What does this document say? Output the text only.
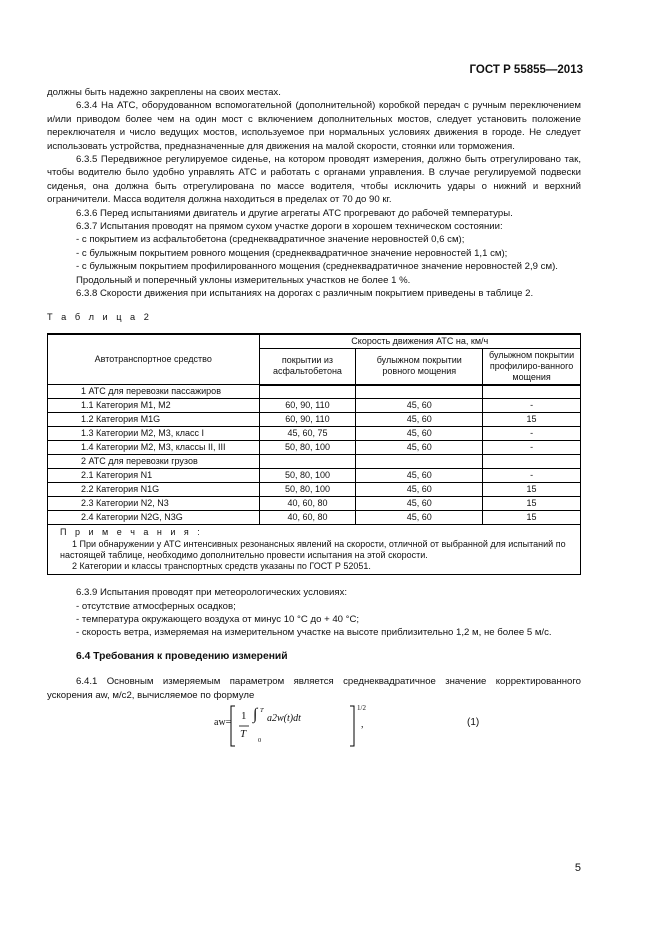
ГОСТ Р 55855—2013

должны быть надежно закреплены на своих местах.

6.3.4 На АТС, оборудованном вспомогательной (дополнительной) коробкой передач с ручным переключением и/или приводом более чем на один мост с включением дополнительных мостов, следует установить положение переключателя и число ведущих мостов, используемое при нормальных условиях движения в городе. Не следует использовать устройства, предназначенные для движения на малой скорости, стоянки или торможения.

6.3.5 Передвижное регулируемое сиденье, на котором проводят измерения, должно быть отрегулировано так, чтобы водителю было удобно управлять АТС и работать с органами управления. В случае регулируемой подвески сиденья, она должна быть отрегулирована по массе водителя, чтобы исключить удары о нижний и верхний ограничители. Масса водителя должна находиться в пределах от 70 до 90 кг.

6.3.6 Перед испытаниями двигатель и другие агрегаты АТС прогревают до рабочей температуры.

6.3.7 Испытания проводят на прямом сухом участке дороги в хорошем техническом состоянии:

- с покрытием из асфальтобетона (среднеквадратичное значение неровностей 0,6 см);

- с булыжным покрытием ровного мощения (среднеквадратичное значение неровностей 1,1 см);

- с булыжным покрытием профилированного мощения (среднеквадратичное значение неровностей 2,9 см).

Продольный и поперечный уклоны измерительных участков не более 1 %.

6.3.8 Скорости движения при испытаниях на дорогах с различным покрытием приведены в таблице 2.

Т а б л и ц а 2
Автотранспортное средство	Скорость движения АТС на, км/ч		
	покрытии из асфальтобетона	булыжном покрытии ровного мощения	булыжном покрытии профилиро-ванного мощения
1 АТС для перевозки пассажиров			
1.1 Категория M1, M2	60, 90, 110	45, 60	-
1.2 Категория M1G	60, 90, 110	45, 60	15
1.3 Категории M2, M3, класс I	45, 60, 75	45, 60	-
1.4 Категории M2, M3, классы II, III	50, 80, 100	45, 60	-
2 АТС для перевозки грузов			
2.1 Категория N1	50, 80, 100	45, 60	-
2.2 Категория N1G	50, 80, 100	45, 60	15
2.3 Категории N2, N3	40, 60, 80	45, 60	15
2.4 Категории N2G, N3G	40, 60, 80	45, 60	15

П р и м е ч а н и я :
1 При обнаружении у АТС интенсивных резонансных явлений на скорости, отличной от выбранной для испытаний по настоящей таблице, необходимо дополнительно провести испытания на этой скорости.
2 Категории и классы транспортных средств указаны по ГОСТ Р 52051.			

6.3.9 Испытания проводят при метеорологических условиях:

- отсутствие атмосферных осадков;

- температура окружающего воздуха от минус 10 °С до + 40 °С;

- скорость ветра, измеряемая на измерительном участке на высоте приблизительно 1,2 м, не более 5 м/с.

6.4 Требования к проведению измерений

6.4.1 Основным измеряемым параметром является среднеквадратичное значение корректированного ускорения aw, м/с2, вычисляемое по формуле

aw=
1
T
∫ T
0
a2w(t)dt
1/2
,	(1)
5
